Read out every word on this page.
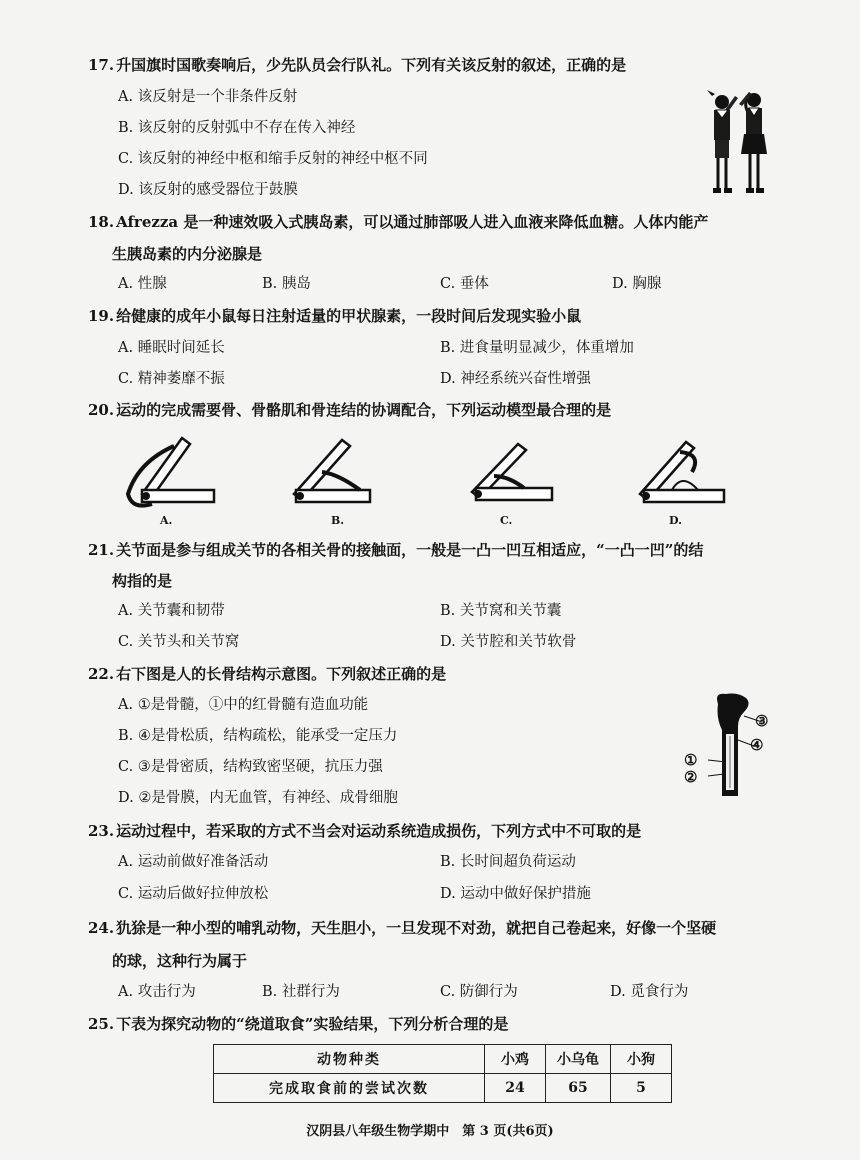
17. 升国旗时国歌奏响后，少先队员会行队礼。下列有关该反射的叙述，正确的是
A. 该反射是一个非条件反射
B. 该反射的反射弧中不存在传入神经
C. 该反射的神经中枢和缩手反射的神经中枢不同
D. 该反射的感受器位于鼓膜
18. Afrezza 是一种速效吸入式胰岛素，可以通过肺部吸人进入血液来降低血糖。人体内能产
生胰岛素的内分泌腺是
A. 性腺	B. 胰岛	C. 垂体	D. 胸腺
19. 给健康的成年小鼠每日注射适量的甲状腺素，一段时间后发现实验小鼠
A. 睡眠时间延长	B. 进食量明显减少，体重增加
C. 精神萎靡不振	D. 神经系统兴奋性增强
20. 运动的完成需要骨、骨骼肌和骨连结的协调配合，下列运动模型最合理的是
A.	B.	C.	D.
21. 关节面是参与组成关节的各相关骨的接触面，一般是一凸一凹互相适应，“一凸一凹”的结
构指的是
A. 关节囊和韧带	B. 关节窝和关节囊
C. 关节头和关节窝	D. 关节腔和关节软骨
22. 右下图是人的长骨结构示意图。下列叙述正确的是
A. ①是骨髓，①中的红骨髓有造血功能
B. ④是骨松质，结构疏松，能承受一定压力
C. ③是骨密质，结构致密坚硬，抗压力强
D. ②是骨膜，内无血管，有神经、成骨细胞
③
④
①
②
23. 运动过程中，若采取的方式不当会对运动系统造成损伤，下列方式中不可取的是
A. 运动前做好准备活动	B. 长时间超负荷运动
C. 运动后做好拉伸放松	D. 运动中做好保护措施
24. 犰狳是一种小型的哺乳动物，天生胆小，一旦发现不对劲，就把自己卷起来，好像一个坚硬
的球，这种行为属于
A. 攻击行为	B. 社群行为	C. 防御行为	D. 觅食行为
25. 下表为探究动物的“绕道取食”实验结果，下列分析合理的是
动物种类	小鸡	小乌龟	小狗
完成取食前的尝试次数	24	65	5
汉阴县八年级生物学期中　第 3 页(共6页)
